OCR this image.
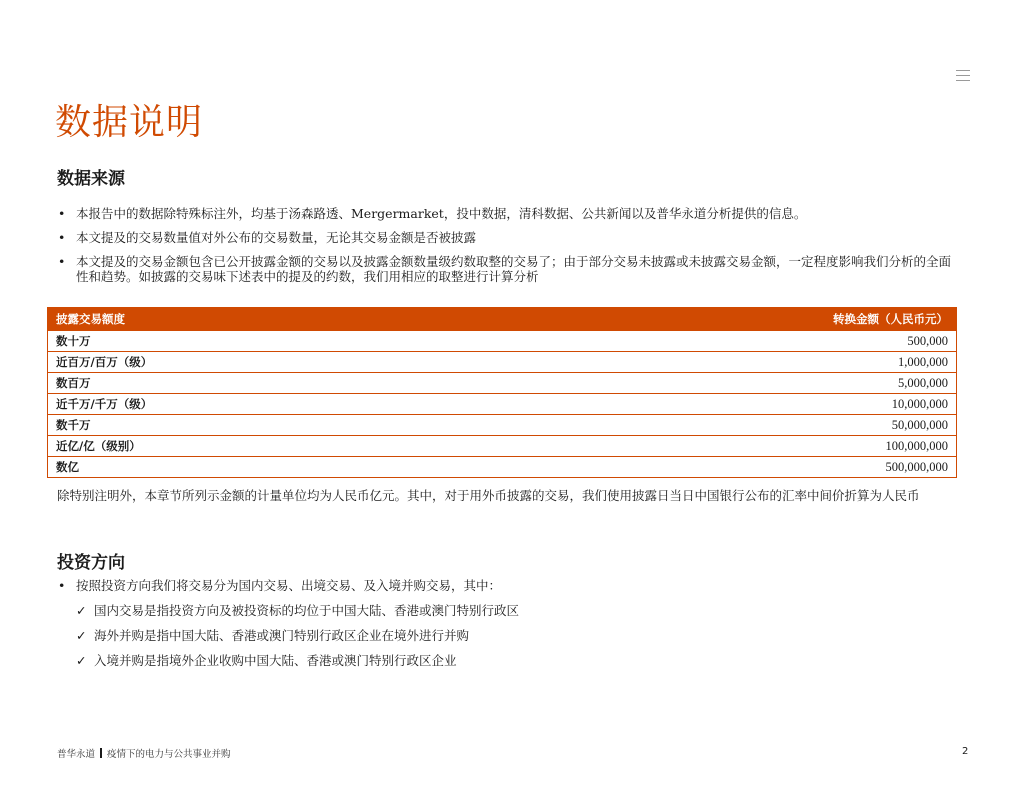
数据说明
数据来源
• 本报告中的数据除特殊标注外，均基于汤森路透、Mergermarket，投中数据，清科数据、公共新闻以及普华永道分析提供的信息。
• 本文提及的交易数量值对外公布的交易数量，无论其交易金额是否被披露
• 本文提及的交易金额包含已公开披露金额的交易以及披露金额数量级约数取整的交易了；由于部分交易未披露或未披露交易金额，一定程度影响我们分析的全面性和趋势。如披露的交易味下述表中的提及的约数，我们用相应的取整进行计算分析
披露交易额度	转换金额（人民币元）
数十万	500,000
近百万/百万（级）	1,000,000
数百万	5,000,000
近千万/千万（级）	10,000,000
数千万	50,000,000
近亿/亿（级别）	100,000,000
数亿	500,000,000

除特别注明外，本章节所列示金额的计量单位均为人民币亿元。其中，对于用外币披露的交易，我们使用披露日当日中国银行公布的汇率中间价折算为人民币

投资方向
• 按照投资方向我们将交易分为国内交易、出境交易、及入境并购交易，其中：
✓ 国内交易是指投资方向及被投资标的均位于中国大陆、香港或澳门特别行政区
✓ 海外并购是指中国大陆、香港或澳门特别行政区企业在境外进行并购
✓ 入境并购是指境外企业收购中国大陆、香港或澳门特别行政区企业
普华永道 疫情下的电力与公共事业并购	2
